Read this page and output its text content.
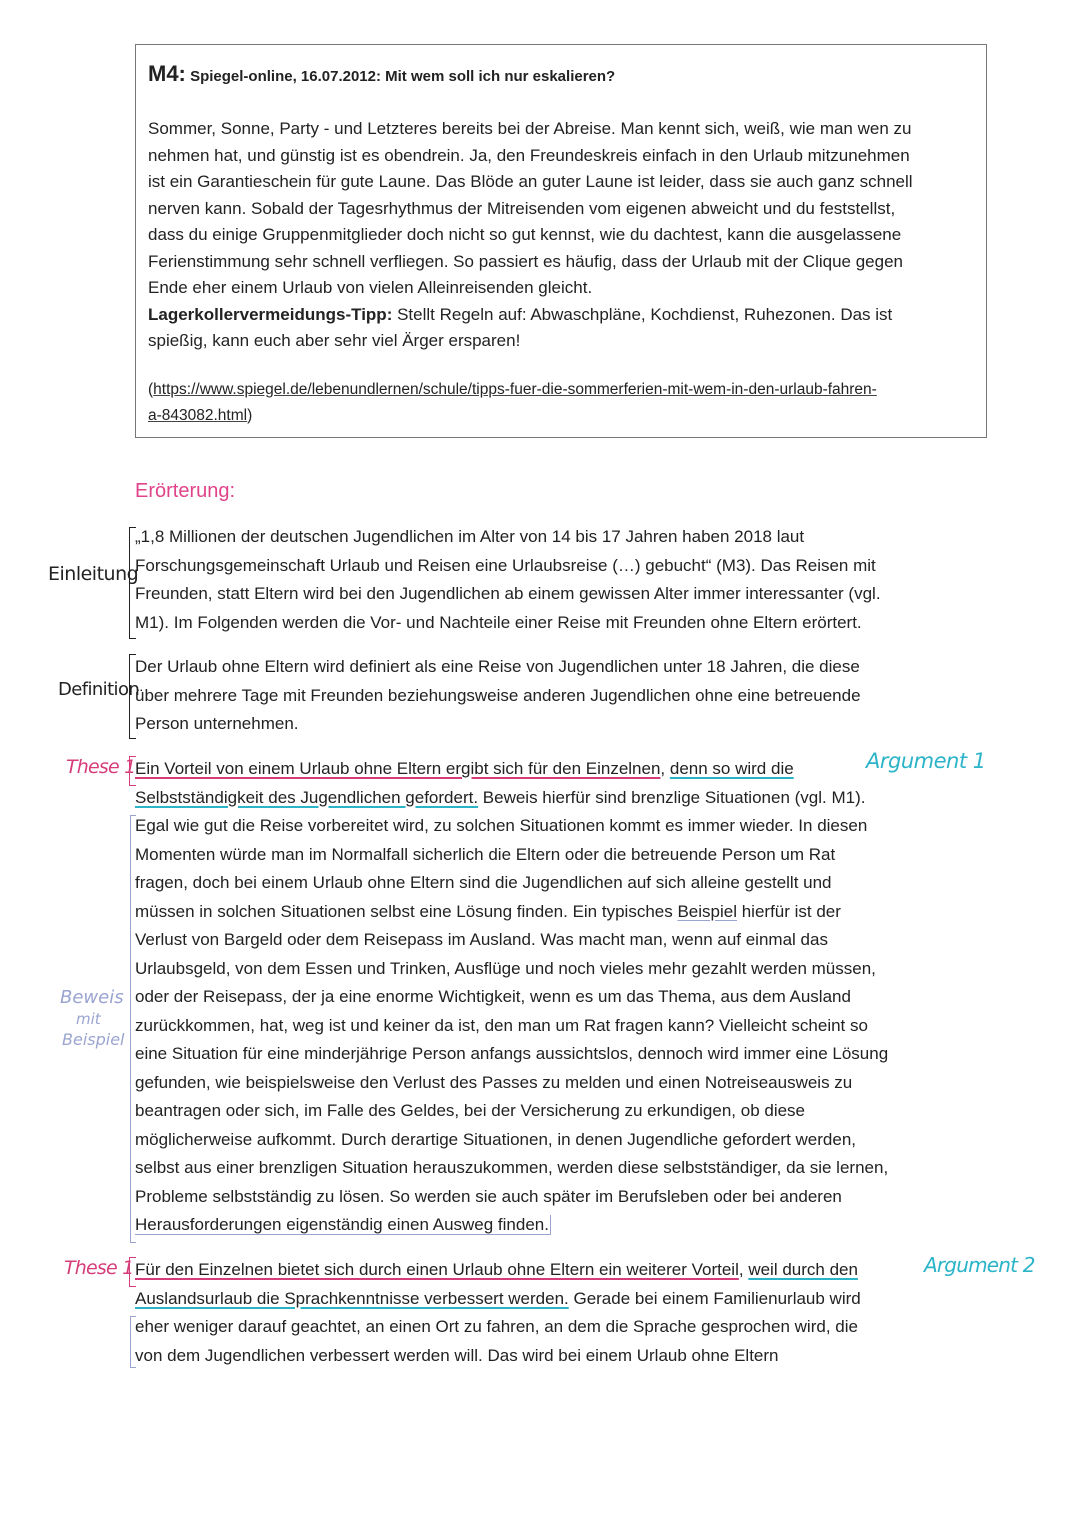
M4: Spiegel-online, 16.07.2012: Mit wem soll ich nur eskalieren?

Sommer, Sonne, Party - und Letzteres bereits bei der Abreise. Man kennt sich, weiß, wie man wen zu

nehmen hat, und günstig ist es obendrein. Ja, den Freundeskreis einfach in den Urlaub mitzunehmen

ist ein Garantieschein für gute Laune. Das Blöde an guter Laune ist leider, dass sie auch ganz schnell

nerven kann. Sobald der Tagesrhythmus der Mitreisenden vom eigenen abweicht und du feststellst,

dass du einige Gruppenmitglieder doch nicht so gut kennst, wie du dachtest, kann die ausgelassene

Ferienstimmung sehr schnell verfliegen. So passiert es häufig, dass der Urlaub mit der Clique gegen

Ende eher einem Urlaub von vielen Alleinreisenden gleicht.

Lagerkollervermeidungs-Tipp: Stellt Regeln auf: Abwaschpläne, Kochdienst, Ruhezonen. Das ist

spießig, kann euch aber sehr viel Ärger ersparen!

(https://www.spiegel.de/lebenundlernen/schule/tipps-fuer-die-sommerferien-mit-wem-in-den-urlaub-fahren-

a-843082.html)

Erörterung:
Einleitung
„1,8 Millionen der deutschen Jugendlichen im Alter von 14 bis 17 Jahren haben 2018 laut
Forschungsgemeinschaft Urlaub und Reisen eine Urlaubsreise (…) gebucht“ (M3). Das Reisen mit
Freunden, statt Eltern wird bei den Jugendlichen ab einem gewissen Alter immer interessanter (vgl.
M1). Im Folgenden werden die Vor- und Nachteile einer Reise mit Freunden ohne Eltern erörtert.
Definition
Der Urlaub ohne Eltern wird definiert als eine Reise von Jugendlichen unter 18 Jahren, die diese
über mehrere Tage mit Freunden beziehungsweise anderen Jugendlichen ohne eine betreuende
Person unternehmen.
These 1	Argument 1
Beweis
mit
Beispiel
Ein Vorteil von einem Urlaub ohne Eltern ergibt sich für den Einzelnen, denn so wird die
Selbstständigkeit des Jugendlichen gefordert. Beweis hierfür sind brenzlige Situationen (vgl. M1).
Egal wie gut die Reise vorbereitet wird, zu solchen Situationen kommt es immer wieder. In diesen
Momenten würde man im Normalfall sicherlich die Eltern oder die betreuende Person um Rat
fragen, doch bei einem Urlaub ohne Eltern sind die Jugendlichen auf sich alleine gestellt und
müssen in solchen Situationen selbst eine Lösung finden. Ein typisches Beispiel hierfür ist der
Verlust von Bargeld oder dem Reisepass im Ausland. Was macht man, wenn auf einmal das
Urlaubsgeld, von dem Essen und Trinken, Ausflüge und noch vieles mehr gezahlt werden müssen,
oder der Reisepass, der ja eine enorme Wichtigkeit, wenn es um das Thema, aus dem Ausland
zurückkommen, hat, weg ist und keiner da ist, den man um Rat fragen kann? Vielleicht scheint so
eine Situation für eine minderjährige Person anfangs aussichtslos, dennoch wird immer eine Lösung
gefunden, wie beispielsweise den Verlust des Passes zu melden und einen Notreiseausweis zu
beantragen oder sich, im Falle des Geldes, bei der Versicherung zu erkundigen, ob diese
möglicherweise aufkommt. Durch derartige Situationen, in denen Jugendliche gefordert werden,
selbst aus einer brenzligen Situation herauszukommen, werden diese selbstständiger, da sie lernen,
Probleme selbstständig zu lösen. So werden sie auch später im Berufsleben oder bei anderen
Herausforderungen eigenständig einen Ausweg finden.
These 1	Argument 2
Für den Einzelnen bietet sich durch einen Urlaub ohne Eltern ein weiterer Vorteil, weil durch den
Auslandsurlaub die Sprachkenntnisse verbessert werden. Gerade bei einem Familienurlaub wird
eher weniger darauf geachtet, an einen Ort zu fahren, an dem die Sprache gesprochen wird, die
von dem Jugendlichen verbessert werden will. Das wird bei einem Urlaub ohne Eltern
